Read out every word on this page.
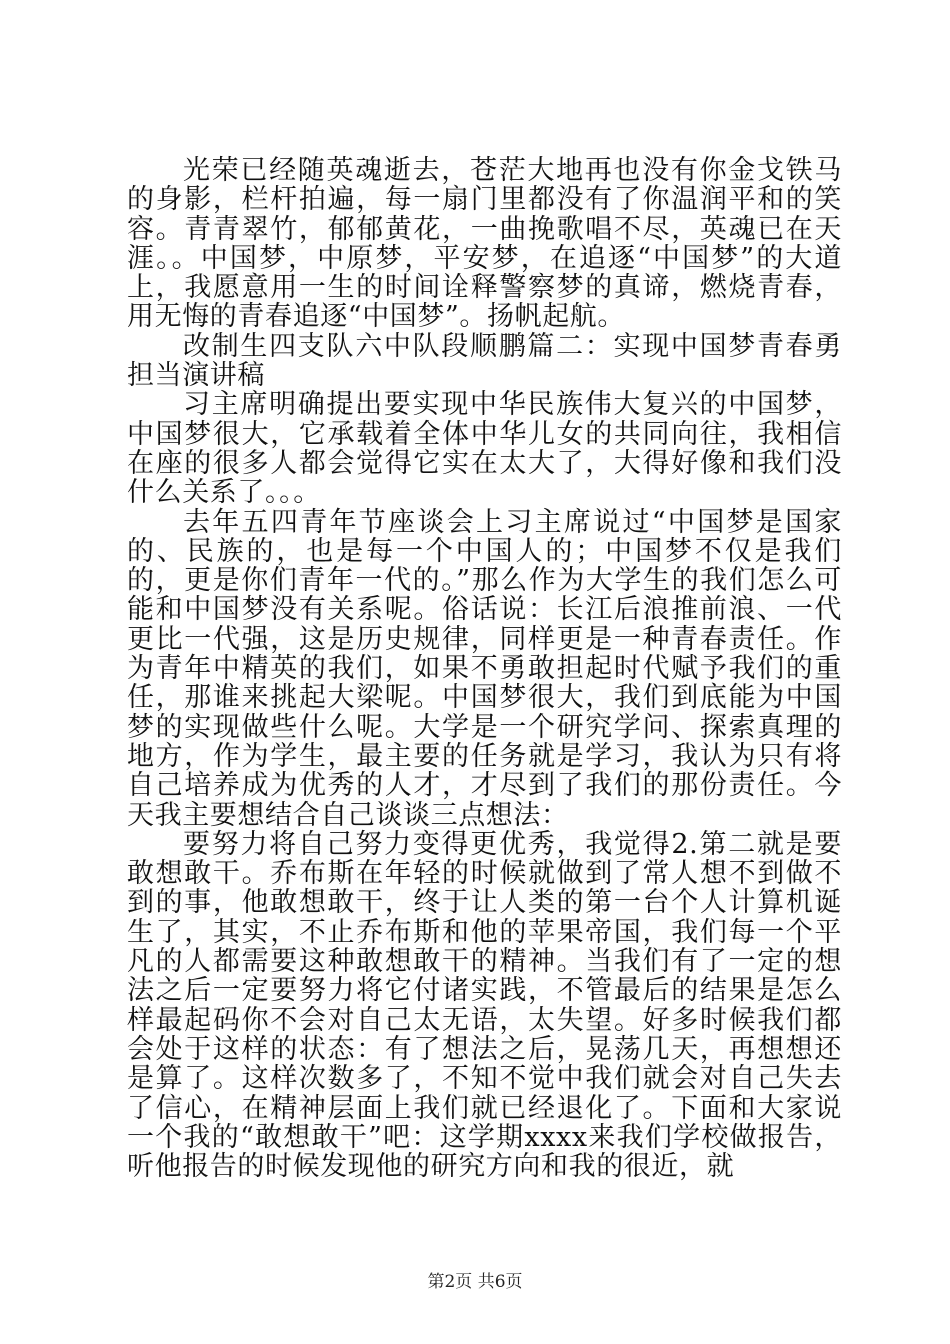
光荣已经随英魂逝去，苍茫大地再也没有你金戈铁马的身影，栏杆拍遍，每一扇门里都没有了你温润平和的笑容。青青翠竹，郁郁黄花，一曲挽歌唱不尽，英魂已在天涯。。中国梦，中原梦，平安梦，在追逐“中国梦”的大道上，我愿意用一生的时间诠释警察梦的真谛，燃烧青春，用无悔的青春追逐“中国梦”。扬帆起航。

改制生四支队六中队段顺鹏篇二：实现中国梦青春勇担当演讲稿

习主席明确提出要实现中华民族伟大复兴的中国梦，中国梦很大，它承载着全体中华儿女的共同向往，我相信在座的很多人都会觉得它实在太大了，大得好像和我们没什么关系了。。。

去年五四青年节座谈会上习主席说过“中国梦是国家的、民族的，也是每一个中国人的；中国梦不仅是我们的，更是你们青年一代的。”那么作为大学生的我们怎么可能和中国梦没有关系呢。俗话说：长江后浪推前浪、一代更比一代强，这是历史规律，同样更是一种青春责任。作为青年中精英的我们，如果不勇敢担起时代赋予我们的重任，那谁来挑起大梁呢。中国梦很大，我们到底能为中国梦的实现做些什么呢。大学是一个研究学问、探索真理的地方，作为学生，最主要的任务就是学习，我认为只有将自己培养成为优秀的人才，才尽到了我们的那份责任。今天我主要想结合自己谈谈三点想法：

要努力将自己努力变得更优秀，我觉得2.第二就是要敢想敢干。乔布斯在年轻的时候就做到了常人想不到做不到的事，他敢想敢干，终于让人类的第一台个人计算机诞生了，其实，不止乔布斯和他的苹果帝国，我们每一个平凡的人都需要这种敢想敢干的精神。当我们有了一定的想法之后一定要努力将它付诸实践，不管最后的结果是怎么样最起码你不会对自己太无语，太失望。好多时候我们都会处于这样的状态：有了想法之后，晃荡几天，再想想还是算了。这样次数多了，不知不觉中我们就会对自己失去了信心，在精神层面上我们就已经退化了。下面和大家说一个我的“敢想敢干”吧：这学期xxxx来我们学校做报告，听他报告的时候发现他的研究方向和我的很近，就

第2页 共6页
